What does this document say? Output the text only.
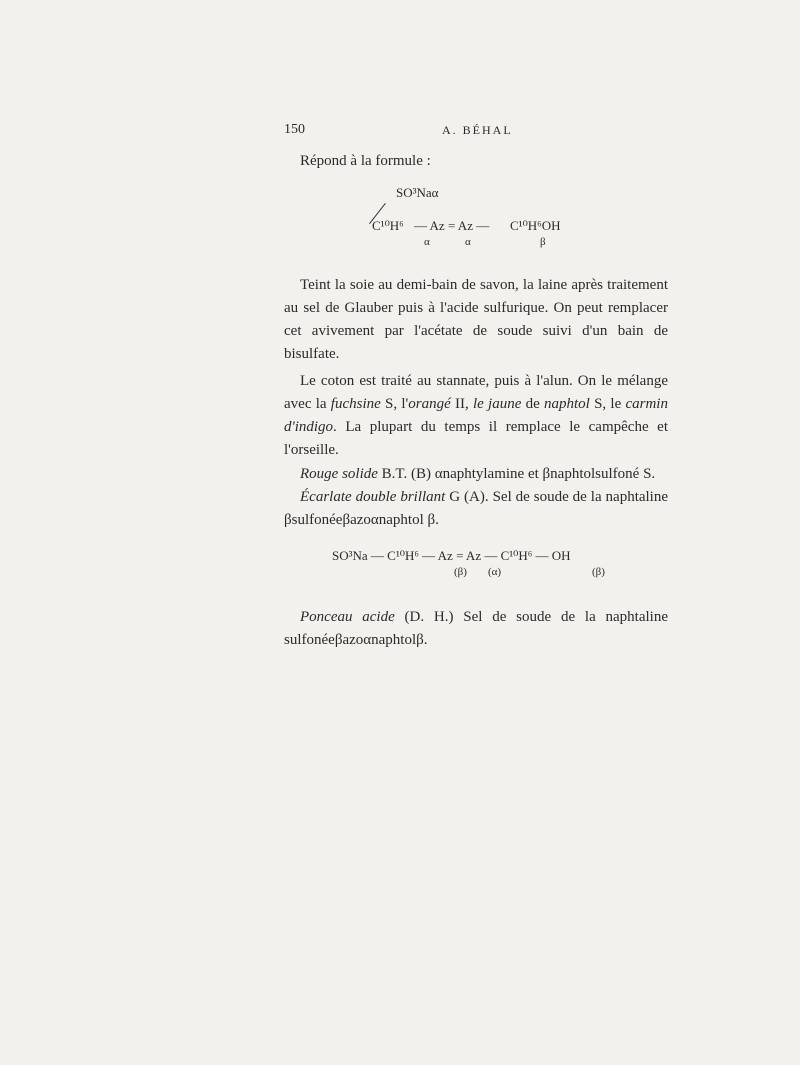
150	A. BÉHAL
Répond à la formule :
SO³Naα
C¹⁰H⁶ — Az = Az — C¹⁰H⁶OH
α	α	β
Teint la soie au demi-bain de savon, la laine après traitement au sel de Glauber puis à l'acide sulfurique. On peut remplacer cet avivement par l'acétate de soude suivi d'un bain de bisulfate.
Le coton est traité au stannate, puis à l'alun. On le mélange avec la fuchsine S, l'orangé II, le jaune de naphtol S, le carmin d'indigo. La plupart du temps il remplace le campêche et l'orseille.
Rouge solide B.T. (B) αnaphtylamine et βnaphtolsulfoné S.
Écarlate double brillant G (A). Sel de soude de la naphtaline βsulfonéeβazoαnaphtol β.
SO³Na — C¹⁰H⁶ — Az = Az — C¹⁰H⁶ — OH
(β) (α)	(β)
Ponceau acide (D. H.) Sel de soude de la naphtaline sulfonéeβazoαnaphtolβ.
